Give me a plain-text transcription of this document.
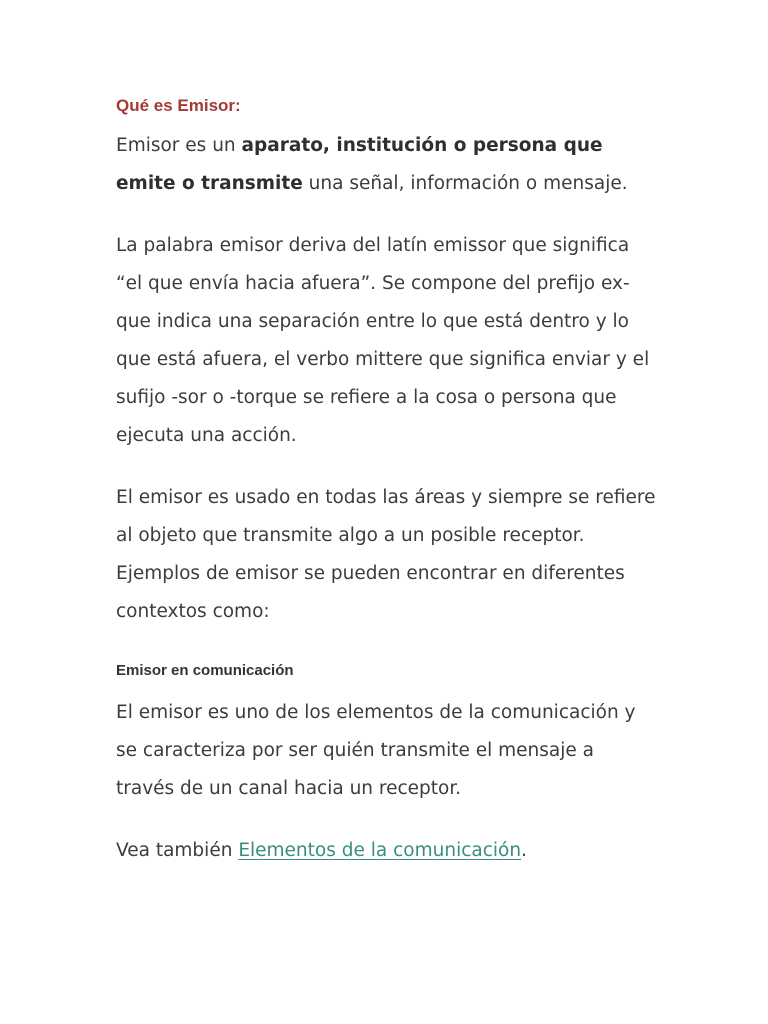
Qué es Emisor:

Emisor es un aparato, institución o persona que emite o transmite una señal, información o mensaje.

La palabra emisor deriva del latín emissor que significa “el que envía hacia afuera”. Se compone del prefijo ex- que indica una separación entre lo que está dentro y lo que está afuera, el verbo mittere que significa enviar y el sufijo -sor o -torque se refiere a la cosa o persona que ejecuta una acción.

El emisor es usado en todas las áreas y siempre se refiere al objeto que transmite algo a un posible receptor. Ejemplos de emisor se pueden encontrar en diferentes contextos como:

Emisor en comunicación

El emisor es uno de los elementos de la comunicación y se caracteriza por ser quién transmite el mensaje a través de un canal hacia un receptor.

Vea también Elementos de la comunicación.
